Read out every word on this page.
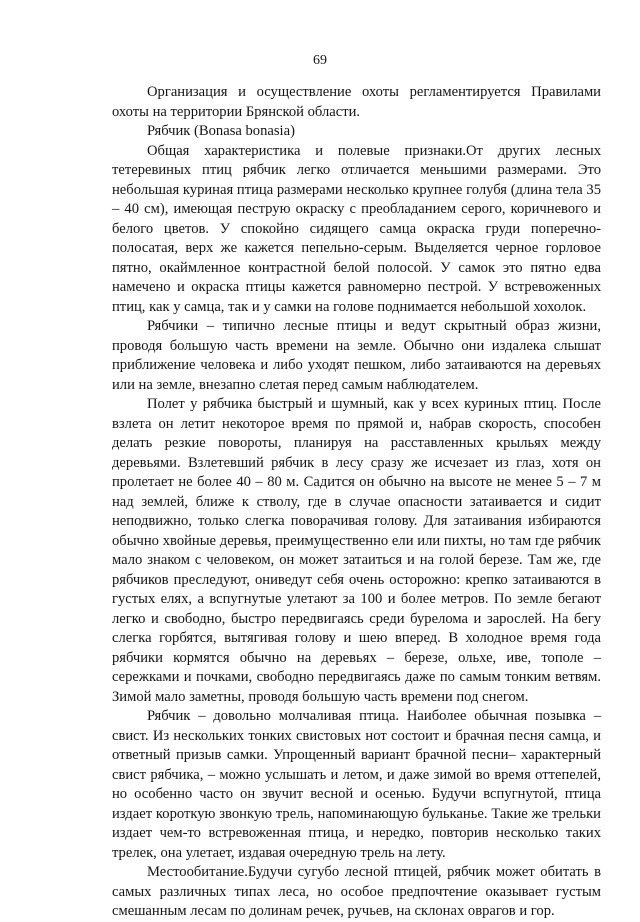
69

Организация и осуществление охоты регламентируется Правилами охоты на территории Брянской области.

Рябчик (Bonasa bonasia)

Общая характеристика и полевые признаки.От других лесных тетеревиных птиц рябчик легко отличается меньшими размерами. Это небольшая куриная птица размерами несколько крупнее голубя (длина тела 35 – 40 см), имеющая пеструю окраску с преобладанием серого, коричневого и белого цветов. У спокойно сидящего самца окраска груди поперечно-полосатая, верх же кажется пепельно-серым. Выделяется черное горловое пятно, окаймленное контрастной белой полосой. У самок это пятно едва намечено и окраска птицы кажется равномерно пестрой. У встревоженных птиц, как у самца, так и у самки на голове поднимается небольшой хохолок.

Рябчики – типично лесные птицы и ведут скрытный образ жизни, проводя большую часть времени на земле. Обычно они издалека слышат приближение человека и либо уходят пешком, либо затаиваются на деревьях или на земле, внезапно слетая перед самым наблюдателем.

Полет у рябчика быстрый и шумный, как у всех куриных птиц. После взлета он летит некоторое время по прямой и, набрав скорость, способен делать резкие повороты, планируя на расставленных крыльях между деревьями. Взлетевший рябчик в лесу сразу же исчезает из глаз, хотя он пролетает не более 40 – 80 м. Садится он обычно на высоте не менее 5 – 7 м над землей, ближе к стволу, где в случае опасности затаивается и сидит неподвижно, только слегка поворачивая голову. Для затаивания избираются обычно хвойные деревья, преимущественно ели или пихты, но там где рябчик мало знаком с человеком, он может затаиться и на голой березе. Там же, где рябчиков преследуют, ониведут себя очень осторожно: крепко затаиваются в густых елях, а вспугнутые улетают за 100 и более метров. По земле бегают легко и свободно, быстро передвигаясь среди бурелома и зарослей. На бегу слегка горбятся, вытягивая голову и шею вперед. В холодное время года рябчики кормятся обычно на деревьях – березе, ольхе, иве, тополе – сережками и почками, свободно передвигаясь даже по самым тонким ветвям. Зимой мало заметны, проводя большую часть времени под снегом.

Рябчик – довольно молчаливая птица. Наиболее обычная позывка – свист. Из нескольких тонких свистовых нот состоит и брачная песня самца, и ответный призыв самки. Упрощенный вариант брачной песни– характерный свист рябчика, – можно услышать и летом, и даже зимой во время оттепелей, но особенно часто он звучит весной и осенью. Будучи вспугнутой, птица издает короткую звонкую трель, напоминающую бульканье. Такие же трельки издает чем-то встревоженная птица, и нередко, повторив несколько таких трелек, она улетает, издавая очередную трель на лету.

Местообитание.Будучи сугубо лесной птицей, рябчик может обитать в самых различных типах леса, но особое предпочтение оказывает густым смешанным лесам по долинам речек, ручьев, на склонах оврагов и гор.
